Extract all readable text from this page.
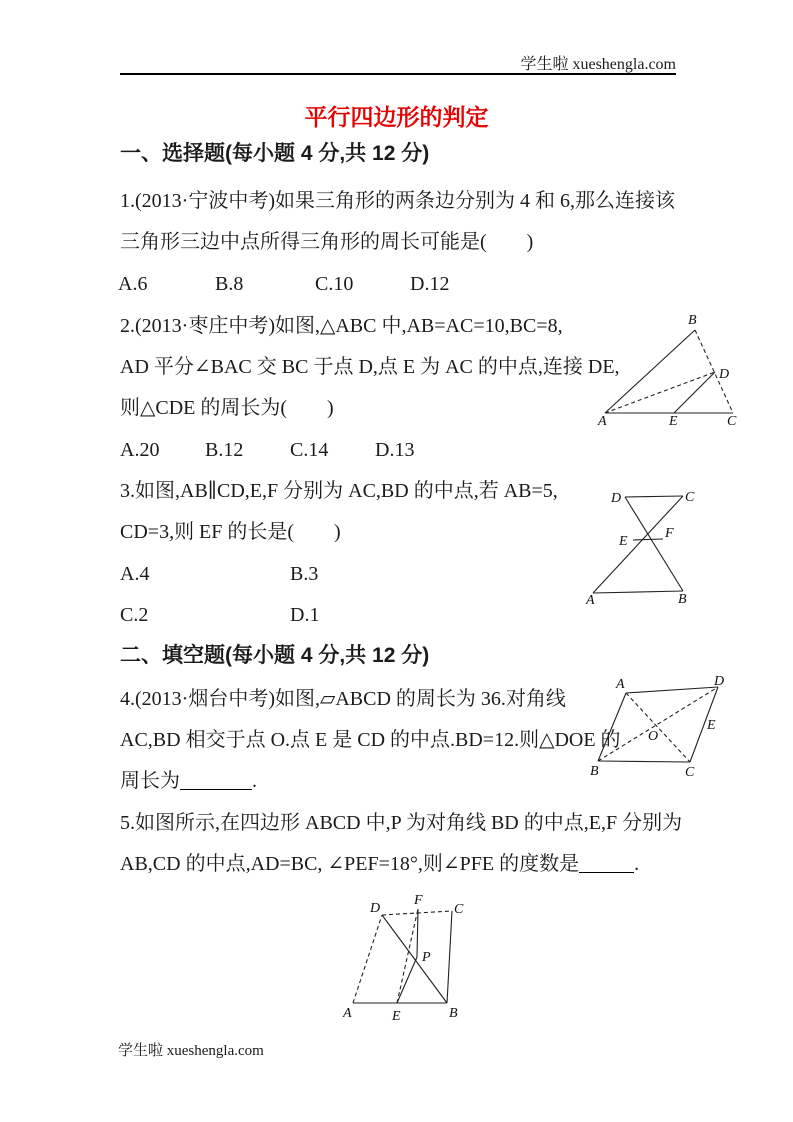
学生啦 xueshengla.com
平行四边形的判定
一、选择题(每小题 4 分,共 12 分)
1.(2013·宁波中考)如果三角形的两条边分别为 4 和 6,那么连接该
三角形三边中点所得三角形的周长可能是(　　)
A.6	B.8	C.10	D.12
2.(2013·枣庄中考)如图,△ABC 中,AB=AC=10,BC=8,
AD 平分∠BAC 交 BC 于点 D,点 E 为 AC 的中点,连接 DE,
则△CDE 的周长为(　　)
A.20 B.12 C.14 D.13
B
D
A	E	C
3.如图,AB∥CD,E,F 分别为 AC,BD 的中点,若 AB=5,
CD=3,则 EF 的长是(　　)
A.4	B.3
C.2	D.1
D	C
E
F
A	B
二、填空题(每小题 4 分,共 12 分)
4.(2013·烟台中考)如图,▱ABCD 的周长为 36.对角线
AC,BD 相交于点 O.点 E 是 CD 的中点.BD=12.则△DOE 的
周长为	.
A	D
B	C
O
E
5.如图所示,在四边形 ABCD 中,P 为对角线 BD 的中点,E,F 分别为
AB,CD 的中点,AD=BC, ∠PEF=18°,则∠PFE 的度数是	.
A	B
C
D
E
F
P
学生啦 xueshengla.com
